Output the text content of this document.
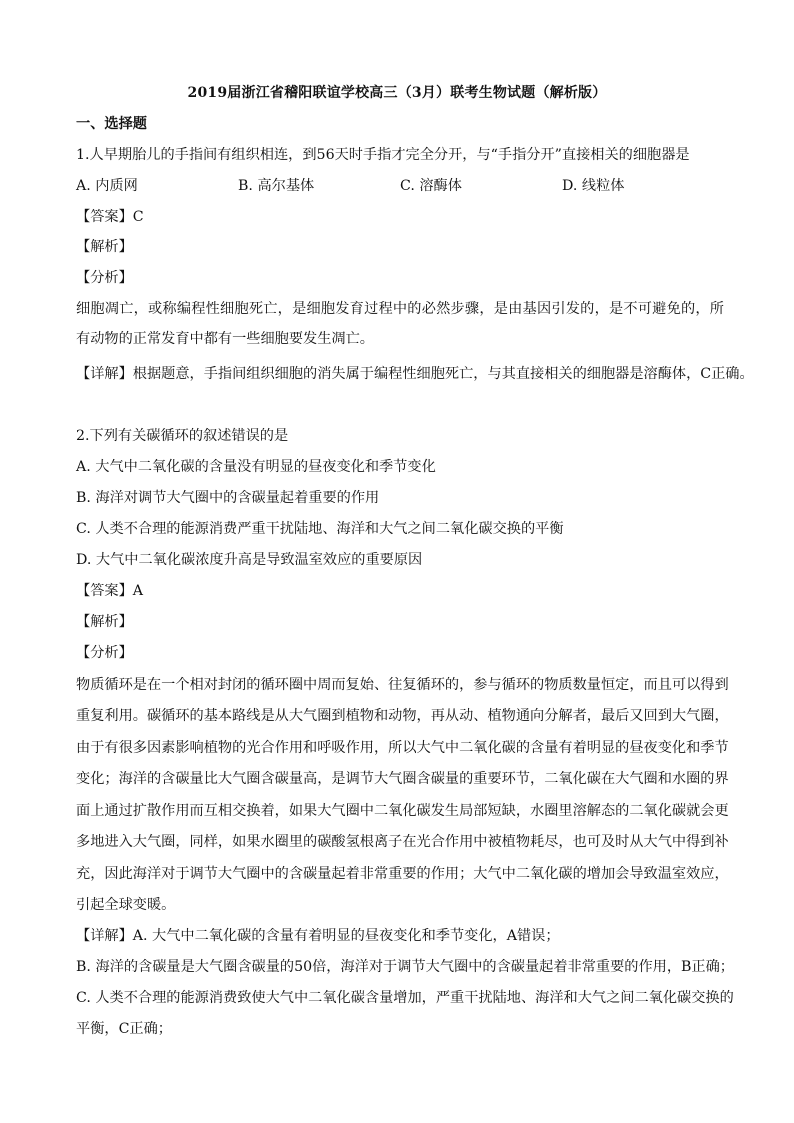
2019届浙江省稽阳联谊学校高三（3月）联考生物试题（解析版）
一、选择题
1.人早期胎儿的手指间有组织相连，到56天时手指才完全分开，与“手指分开”直接相关的细胞器是
A. 内质网	B. 高尔基体	C. 溶酶体	D. 线粒体
【答案】C
【解析】
【分析】
细胞凋亡，或称编程性细胞死亡，是细胞发育过程中的必然步骤，是由基因引发的，是不可避免的，所有动物的正常发育中都有一些细胞要发生凋亡。
【详解】根据题意，手指间组织细胞的消失属于编程性细胞死亡，与其直接相关的细胞器是溶酶体，C正确。
2.下列有关碳循环的叙述错误的是
A. 大气中二氧化碳的含量没有明显的昼夜变化和季节变化
B. 海洋对调节大气圈中的含碳量起着重要的作用
C. 人类不合理的能源消费严重干扰陆地、海洋和大气之间二氧化碳交换的平衡
D. 大气中二氧化碳浓度升高是导致温室效应的重要原因
【答案】A
【解析】
【分析】
物质循环是在一个相对封闭的循环圈中周而复始、往复循环的，参与循环的物质数量恒定，而且可以得到
重复利用。碳循环的基本路线是从大气圈到植物和动物，再从动、植物通向分解者，最后又回到大气圈，
由于有很多因素影响植物的光合作用和呼吸作用，所以大气中二氧化碳的含量有着明显的昼夜变化和季节
变化；海洋的含碳量比大气圈含碳量高，是调节大气圈含碳量的重要环节，二氧化碳在大气圈和水圈的界
面上通过扩散作用而互相交换着，如果大气圈中二氧化碳发生局部短缺，水圈里溶解态的二氧化碳就会更
多地进入大气圈，同样，如果水圈里的碳酸氢根离子在光合作用中被植物耗尽，也可及时从大气中得到补
充，因此海洋对于调节大气圈中的含碳量起着非常重要的作用；大气中二氧化碳的增加会导致温室效应，
引起全球变暖。
【详解】A. 大气中二氧化碳的含量有着明显的昼夜变化和季节变化，A错误；
B. 海洋的含碳量是大气圈含碳量的50倍，海洋对于调节大气圈中的含碳量起着非常重要的作用，B正确；
C. 人类不合理的能源消费致使大气中二氧化碳含量增加，严重干扰陆地、海洋和大气之间二氧化碳交换的
平衡，C正确；
